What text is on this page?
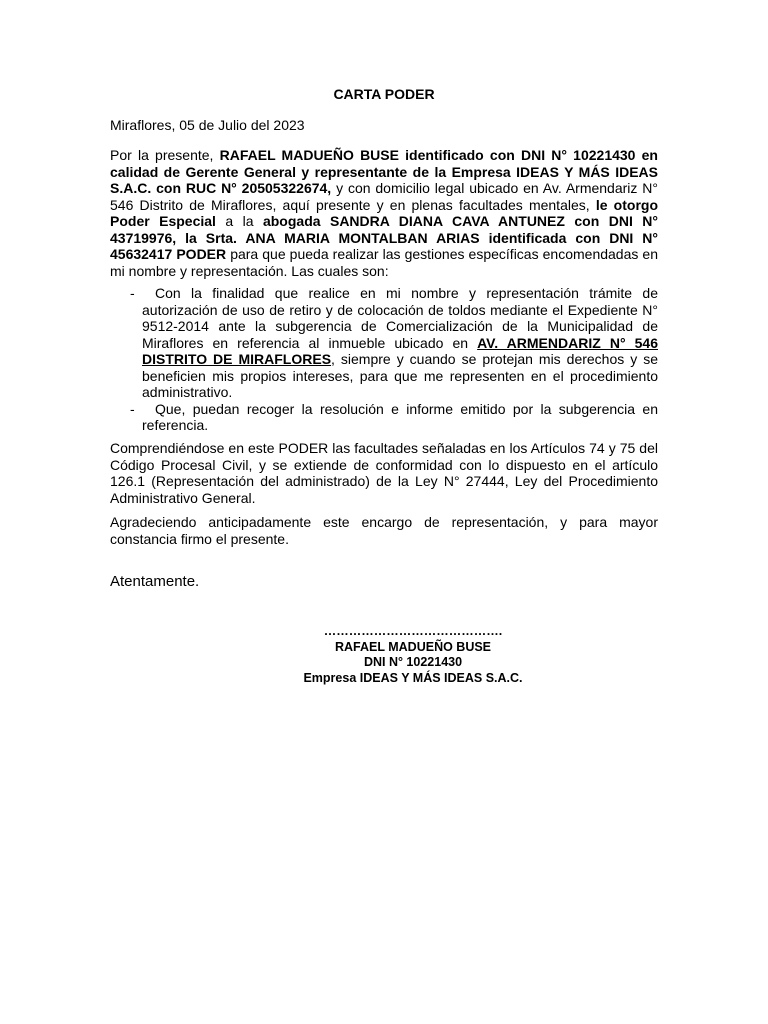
CARTA PODER
Miraflores, 05 de Julio del 2023
Por la presente, RAFAEL MADUEÑO BUSE identificado con DNI N° 10221430 en calidad de Gerente General y representante de la Empresa IDEAS Y MÁS IDEAS S.A.C. con RUC N° 20505322674, y con domicilio legal ubicado en Av. Armendariz N° 546 Distrito de Miraflores, aquí presente y en plenas facultades mentales, le otorgo Poder Especial a la abogada SANDRA DIANA CAVA ANTUNEZ con DNI N° 43719976, la Srta. ANA MARIA MONTALBAN ARIAS identificada con DNI N° 45632417 PODER para que pueda realizar las gestiones específicas encomendadas en mi nombre y representación. Las cuales son:
-	Con la finalidad que realice en mi nombre y representación trámite de autorización de uso de retiro y de colocación de toldos mediante el Expediente N° 9512-2014 ante la subgerencia de Comercialización de la Municipalidad de Miraflores en referencia al inmueble ubicado en AV. ARMENDARIZ N° 546 DISTRITO DE MIRAFLORES, siempre y cuando se protejan mis derechos y se beneficien mis propios intereses, para que me representen en el procedimiento administrativo.
-	Que, puedan recoger la resolución e informe emitido por la subgerencia en referencia.
Comprendiéndose en este PODER las facultades señaladas en los Artículos 74 y 75 del Código Procesal Civil, y se extiende de conformidad con lo dispuesto en el artículo 126.1 (Representación del administrado) de la Ley N° 27444, Ley del Procedimiento Administrativo General.
Agradeciendo anticipadamente este encargo de representación, y para mayor constancia firmo el presente.
Atentamente.
…………………………………….
RAFAEL MADUEÑO BUSE
DNI N° 10221430
Empresa IDEAS Y MÁS IDEAS S.A.C.
